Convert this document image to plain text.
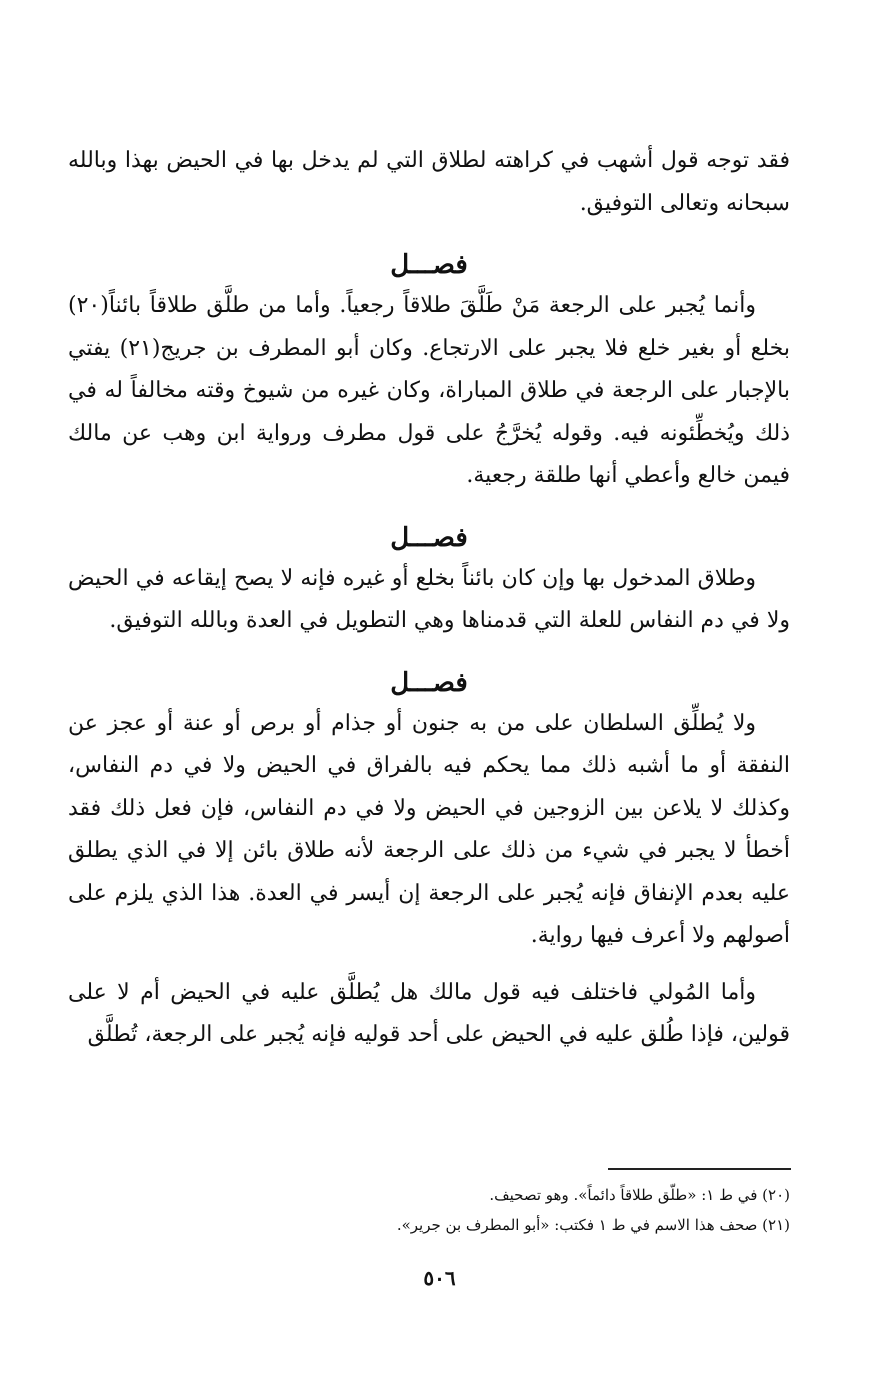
فقد توجه قول أشهب في كراهته لطلاق التي لم يدخل بها في الحيض بهذا وبالله سبحانه وتعالى التوفيق.

فصـــل

وأنما يُجبر على الرجعة مَنْ طَلَّقَ طلاقاً رجعياً. وأما من طلَّق طلاقاً بائناً(٢٠) بخلع أو بغير خلع فلا يجبر على الارتجاع. وكان أبو المطرف بن جريج(٢١) يفتي بالإجبار على الرجعة في طلاق المباراة، وكان غيره من شيوخ وقته مخالفاً له في ذلك ويُخطِّئونه فيه. وقوله يُخرَّجُ على قول مطرف ورواية ابن وهب عن مالك فيمن خالع وأعطي أنها طلقة رجعية.

فصـــل

وطلاق المدخول بها وإن كان بائناً بخلع أو غيره فإنه لا يصح إيقاعه في الحيض ولا في دم النفاس للعلة التي قدمناها وهي التطويل في العدة وبالله التوفيق.

فصـــل

ولا يُطلِّق السلطان على من به جنون أو جذام أو برص أو عنة أو عجز عن النفقة أو ما أشبه ذلك مما يحكم فيه بالفراق في الحيض ولا في دم النفاس، وكذلك لا يلاعن بين الزوجين في الحيض ولا في دم النفاس، فإن فعل ذلك فقد أخطأ لا يجبر في شيء من ذلك على الرجعة لأنه طلاق بائن إلا في الذي يطلق عليه بعدم الإنفاق فإنه يُجبر على الرجعة إن أيسر في العدة. هذا الذي يلزم على أصولهم ولا أعرف فيها رواية.

وأما المُولي فاختلف فيه قول مالك هل يُطلَّق عليه في الحيض أم لا على قولين، فإذا طُلق عليه في الحيض على أحد قوليه فإنه يُجبر على الرجعة، تُطلَّق

(٢٠) في ط ١: «طلّق طلاقاً دائماً». وهو تصحيف.

(٢١) صحف هذا الاسم في ط ١ فكتب: «أبو المطرف بن جرير».

٥٠٦
